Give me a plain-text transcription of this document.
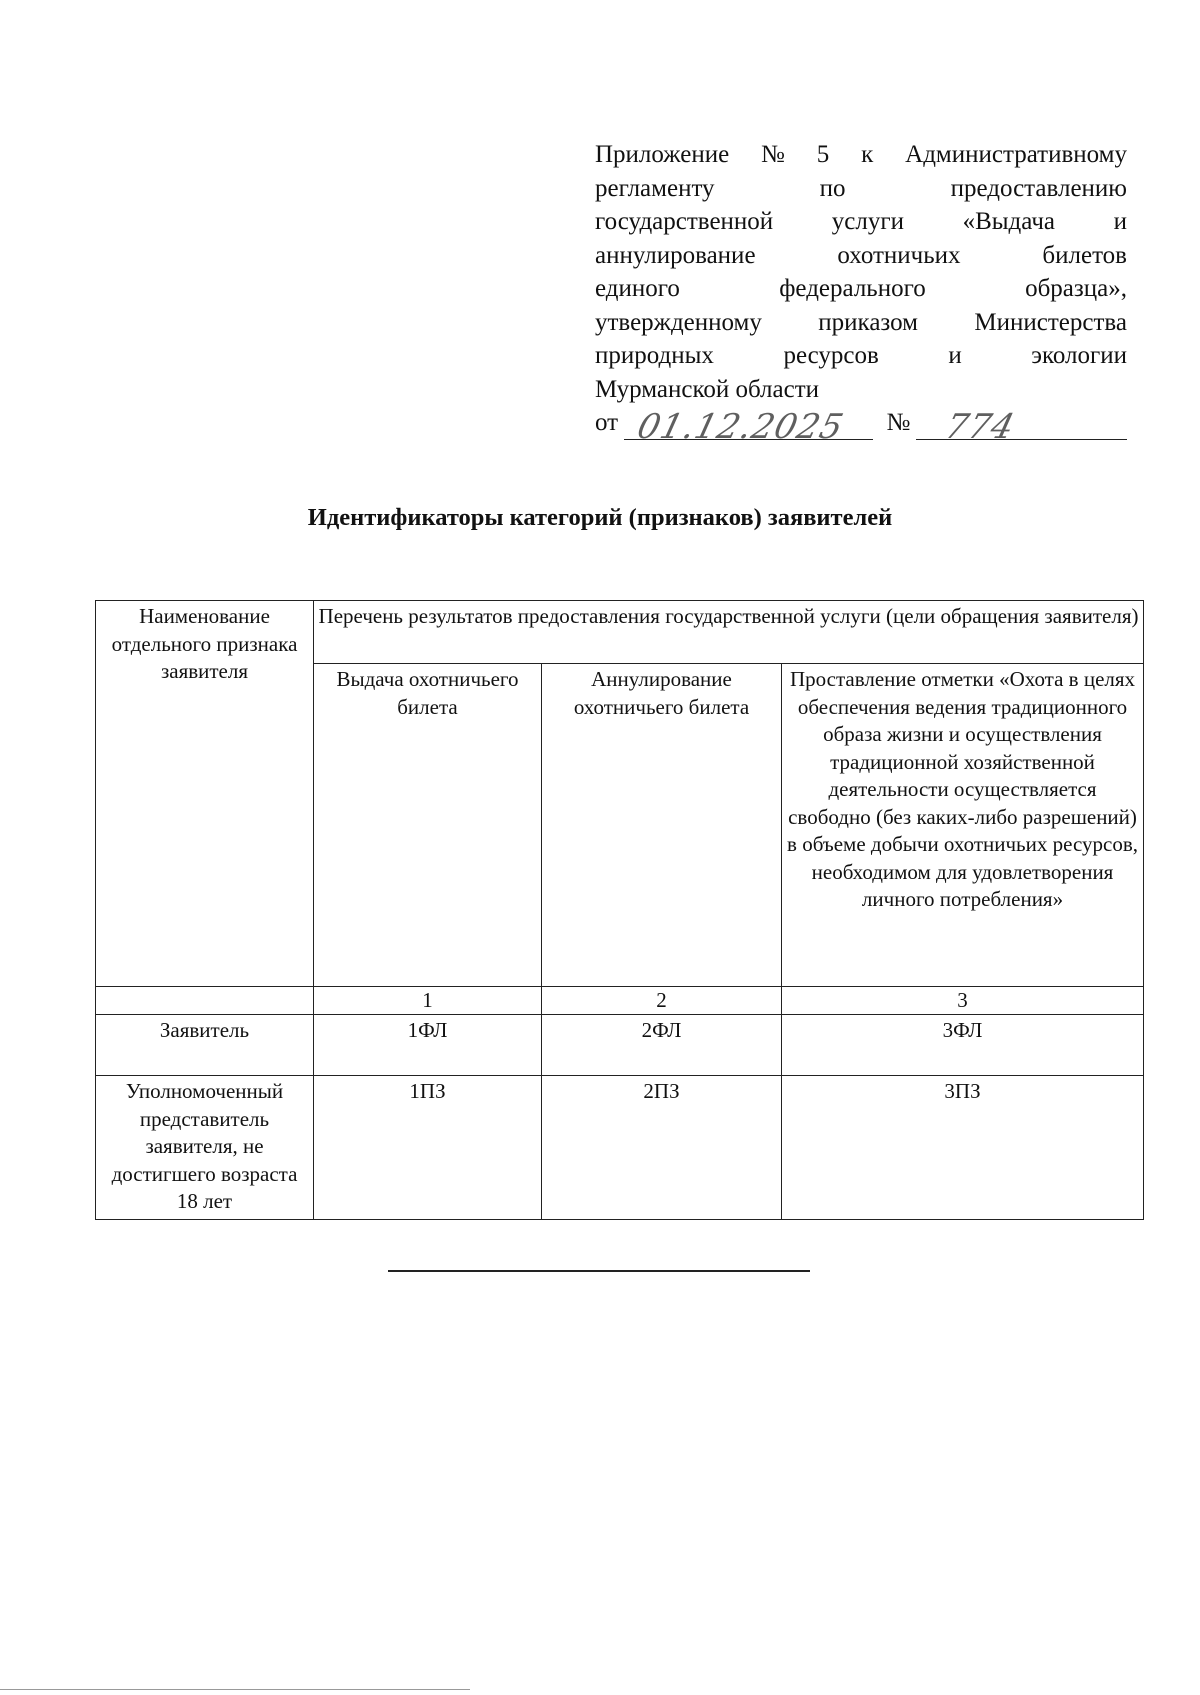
Приложение № 5 к Административному
регламенту	по	предоставлению
государственной услуги «Выдача и
аннулирование	охотничьих	билетов
единого	федерального	образца»,
утвержденному приказом Министерства
природных	ресурсов	и	экологии
Мурманской области
от 01.12.2025 № 774
Идентификаторы категорий (признаков) заявителей
Наименование отдельного признака заявителя	Перечень результатов предоставления государственной услуги (цели обращения заявителя)		
	Выдача охотничьего билета	Аннулирование охотничьего билета	Проставление отметки «Охота в целях обеспечения ведения традиционного образа жизни и осуществления традиционной хозяйственной деятельности осуществляется свободно (без каких-либо разрешений) в объеме добычи охотничьих ресурсов, необходимом для удовлетворения личного потребления»
	1	2	3
Заявитель	1ФЛ	2ФЛ	3ФЛ
Уполномоченный представитель заявителя, не достигшего возраста 18 лет	1ПЗ	2ПЗ	3ПЗ
